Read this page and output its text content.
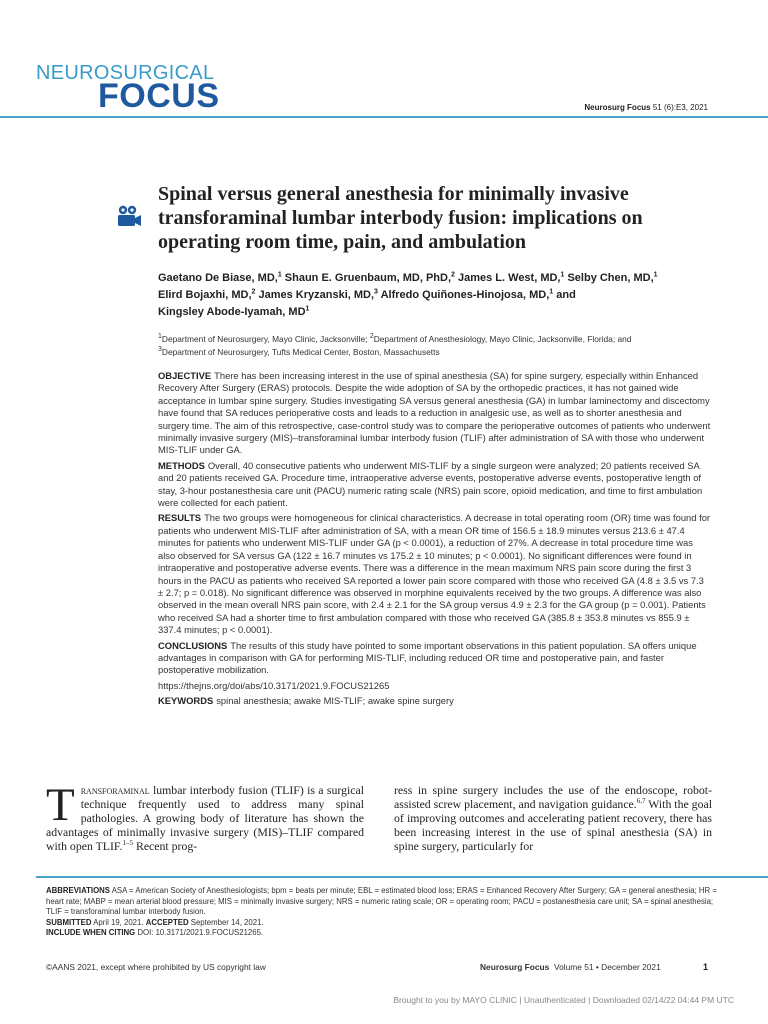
NEUROSURGICAL
FOCUS	Neurosurg Focus 51 (6):E3, 2021
Spinal versus general anesthesia for minimally invasive transforaminal lumbar interbody fusion: implications on operating room time, pain, and ambulation
Gaetano De Biase, MD,$^1$ Shaun E. Gruenbaum, MD, PhD,$^2$ James L. West, MD,$^1$ Selby Chen, MD,$^1$
Elird Bojaxhi, MD,$^2$ James Kryzanski, MD,$^3$ Alfredo Quiñones-Hinojosa, MD,$^1$ and
Kingsley Abode-Iyamah, $MD^1$
$^1$Department of Neurosurgery, Mayo Clinic, Jacksonville; $^2$Department of Anesthesiology, Mayo Clinic, Jacksonville, Florida; and
$^3$Department of Neurosurgery, Tufts Medical Center, Boston, Massachusetts

OBJECTIVE There has been increasing interest in the use of spinal anesthesia (SA) for spine surgery, especially within Enhanced Recovery After Surgery (ERAS) protocols. Despite the wide adoption of SA by the orthopedic practices, it has not gained wide acceptance in lumbar spine surgery. Studies investigating SA versus general anesthesia (GA) in lumbar laminectomy and discectomy have found that SA reduces perioperative costs and leads to a reduction in analgesic use, as well as to shorter anesthesia and surgery time. The aim of this retrospective, case-control study was to compare the perioperative outcomes of patients who underwent minimally invasive surgery (MIS)–transforaminal lumbar interbody fusion (TLIF) after administration of SA with those who underwent MIS-TLIF under GA.

METHODS Overall, 40 consecutive patients who underwent MIS-TLIF by a single surgeon were analyzed; 20 patients received SA and 20 patients received GA. Procedure time, intraoperative adverse events, postoperative adverse events, postoperative length of stay, 3-hour postanesthesia care unit (PACU) numeric rating scale (NRS) pain score, opioid medication, and time to first ambulation were collected for each patient.

RESULTS The two groups were homogeneous for clinical characteristics. A decrease in total operating room (OR) time was found for patients who underwent MIS-TLIF after administration of SA, with a mean OR time of 156.5 ± 18.9 minutes versus 213.6 ± 47.4 minutes for patients who underwent MIS-TLIF under GA (p < 0.0001), a reduction of 27%. A decrease in total procedure time was also observed for SA versus GA (122 ± 16.7 minutes vs 175.2 ± 10 minutes; p < 0.0001). No significant differences were found in intraoperative and postoperative adverse events. There was a difference in the mean maximum NRS pain score during the first 3 hours in the PACU as patients who received SA reported a lower pain score compared with those who received GA (4.8 ± 3.5 vs 7.3 ± 2.7; p = 0.018). No significant difference was observed in morphine equivalents received by the two groups. A difference was also observed in the mean overall NRS pain score, with 2.4 ± 2.1 for the SA group versus 4.9 ± 2.3 for the GA group (p = 0.001). Patients who received SA had a shorter time to first ambulation compared with those who received GA (385.8 ± 353.8 minutes vs 855.9 ± 337.4 minutes; p < 0.0001).

CONCLUSIONS The results of this study have pointed to some important observations in this patient population. SA offers unique advantages in comparison with GA for performing MIS-TLIF, including reduced OR time and postoperative pain, and faster postoperative mobilization.

https://thejns.org/doi/abs/10.3171/2021.9.FOCUS21265

KEYWORDS spinal anesthesia; awake MIS-TLIF; awake spine surgery

Transforaminal lumbar interbody fusion (TLIF) is a surgical technique frequently used to address many spinal pathologies. A growing body of literature has shown the advantages of minimally invasive surgery (MIS)–TLIF compared with open TLIF.$^{1-5}$ Recent prog-
ress in spine surgery includes the use of the endoscope, robot-assisted screw placement, and navigation guidance.$^{6,7}$ With the goal of improving outcomes and accelerating patient recovery, there has been increasing interest in the use of spinal anesthesia (SA) in spine surgery, particularly for
ABBREVIATIONS ASA = American Society of Anesthesiologists; bpm = beats per minute; EBL = estimated blood loss; ERAS = Enhanced Recovery After Surgery; GA = general anesthesia; HR = heart rate; MABP = mean arterial blood pressure; MIS = minimally invasive surgery; NRS = numeric rating scale; OR = operating room; PACU = postanesthesia care unit; SA = spinal anesthesia; TLIF = transforaminal lumbar interbody fusion.
SUBMITTED April 19, 2021. ACCEPTED September 14, 2021.
INCLUDE WHEN CITING DOI: 10.3171/2021.9.FOCUS21265.
©AANS 2021, except where prohibited by US copyright law	Neurosurg Focus Volume 51 • December 2021	1
Brought to you by MAYO CLINIC | Unauthenticated | Downloaded 02/14/22 04:44 PM UTC
